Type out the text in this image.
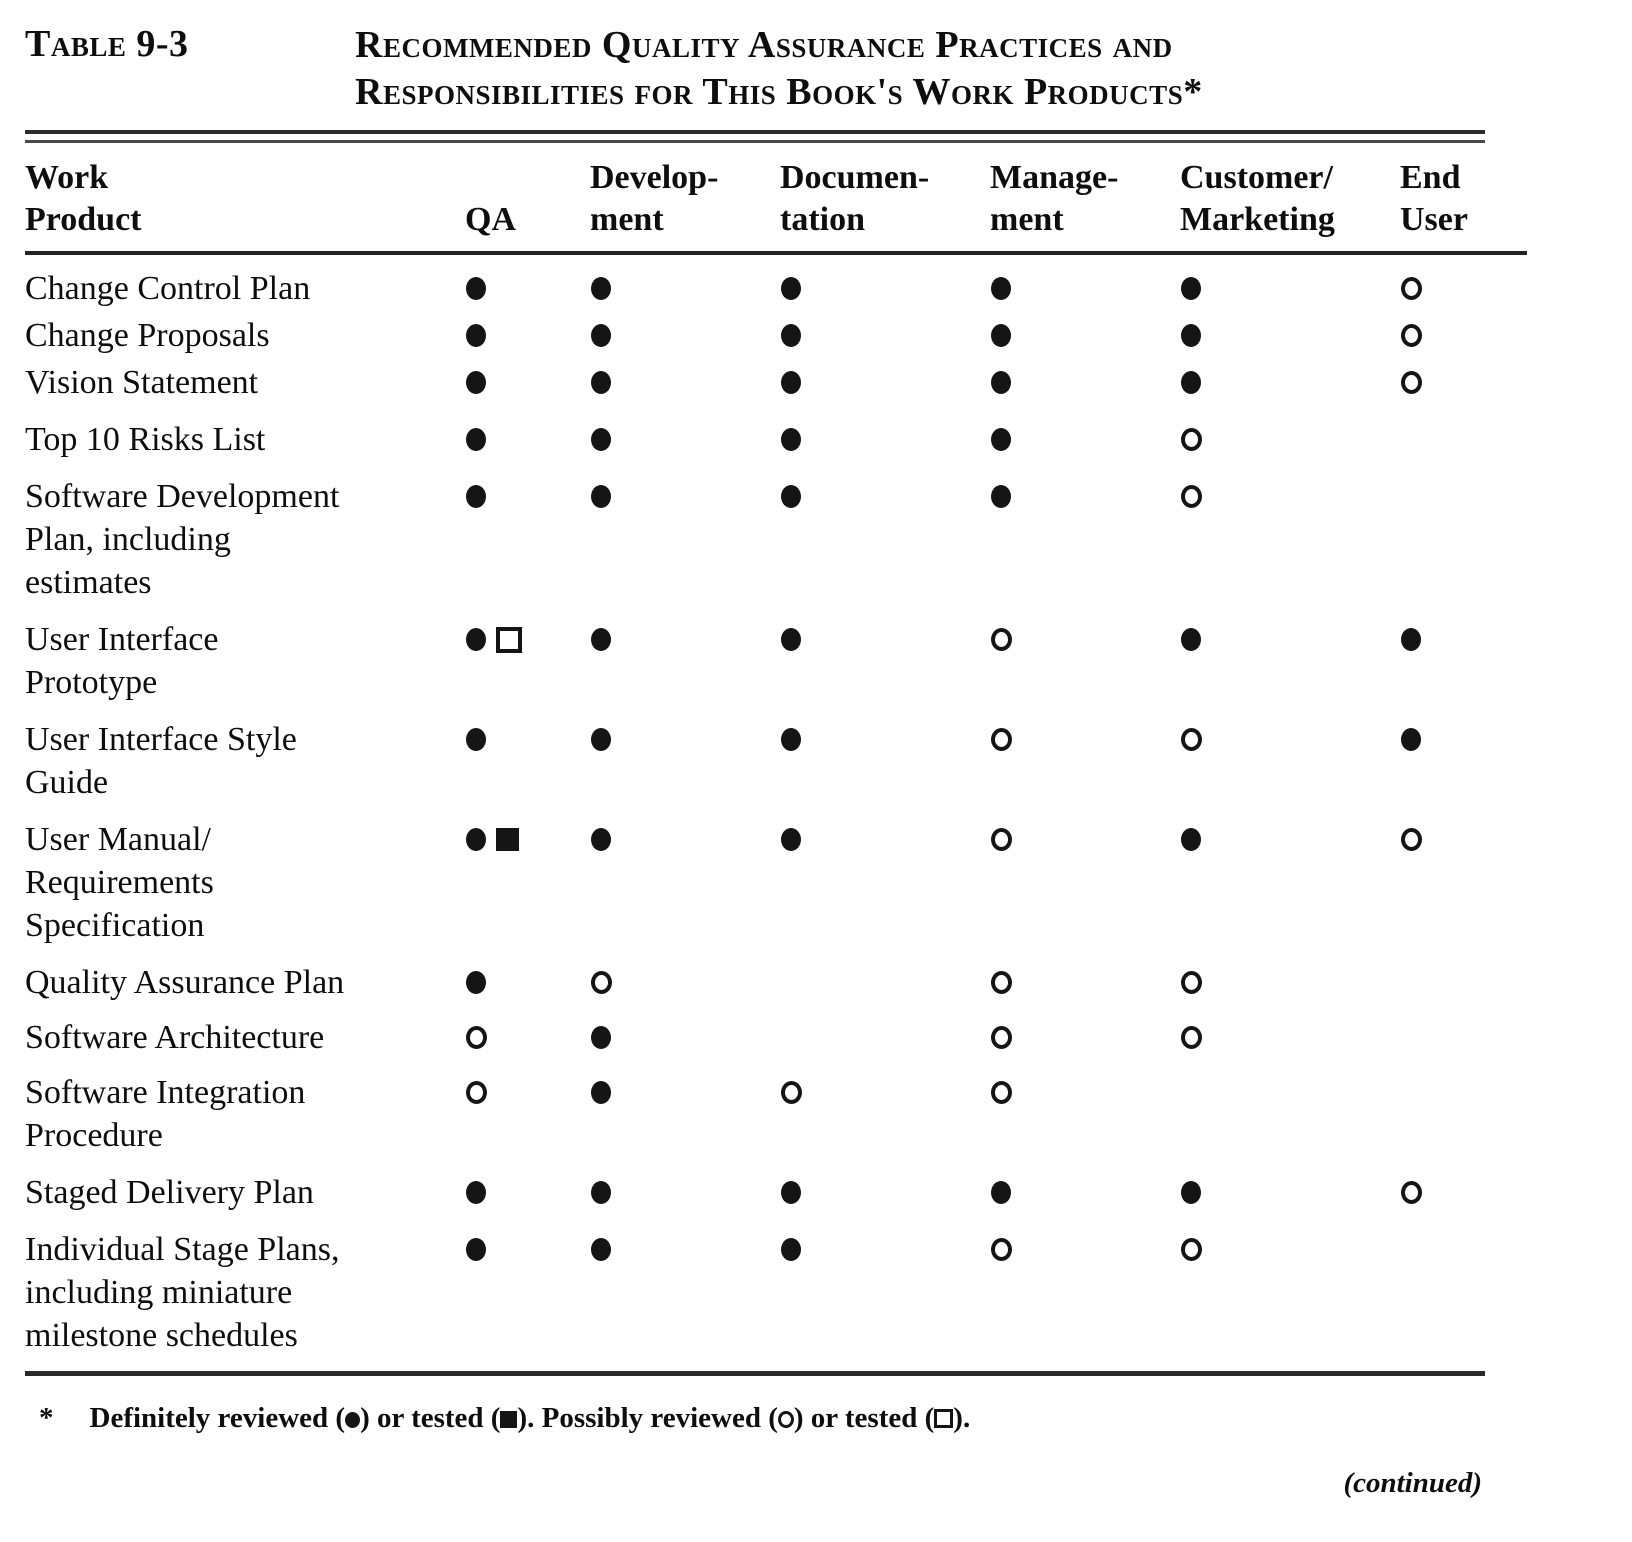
Table 9-3	Recommended Quality Assurance Practices and
Responsibilities for This Book's Work Products*
Work
Product	QA
Develop-
ment
Documen-
tation
Manage-
ment
Customer/
Marketing
End
User
Change Control Plan
Change Proposals
Vision Statement
Top 10 Risks List
Software Development
Plan, including
estimates
User Interface
Prototype
User Interface Style
Guide
User Manual/
Requirements
Specification
Quality Assurance Plan
Software Architecture
Software Integration
Procedure
Staged Delivery Plan
Individual Stage Plans,
including miniature
milestone schedules
* Definitely reviewed ( ) or tested ( ). Possibly reviewed ( ) or tested ( ).
(continued)
